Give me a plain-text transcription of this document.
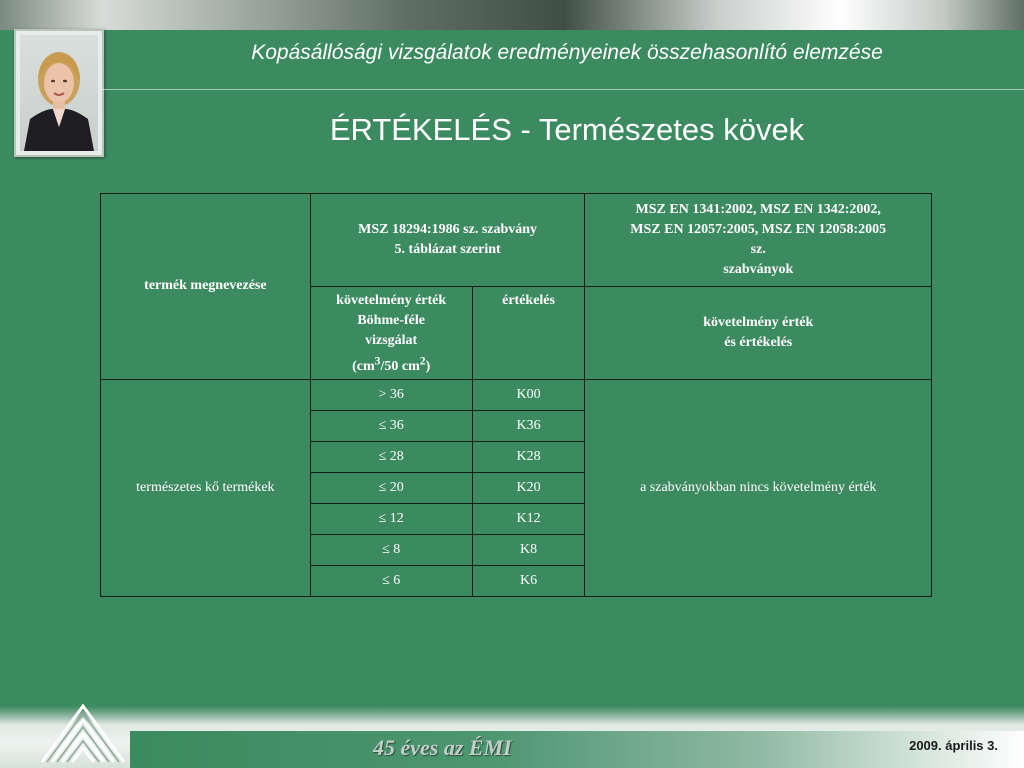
Kopásállósági vizsgálatok eredményeinek összehasonlító elemzése
ÉRTÉKELÉS - Természetes kövek
termék megnevezése	MSZ 18294:1986 sz. szabvány
5. táblázat szerint		MSZ EN 1341:2002, MSZ EN 1342:2002,
MSZ EN 12057:2005, MSZ EN 12058:2005
sz.
szabványok
	követelmény érték
Böhme-féle
vizsgálat
($cm^3/50$ $cm^2$)	értékelés	követelmény érték
és értékelés
természetes kő termékek	> 36	K00	a szabványokban nincs követelmény érték
	≤ 36	K36	
	≤ 28	K28	
	≤ 20	K20	
	≤ 12	K12	
	≤ 8	K8	
	≤ 6	K6	
45 éves az ÉMI	2009. április 3.
